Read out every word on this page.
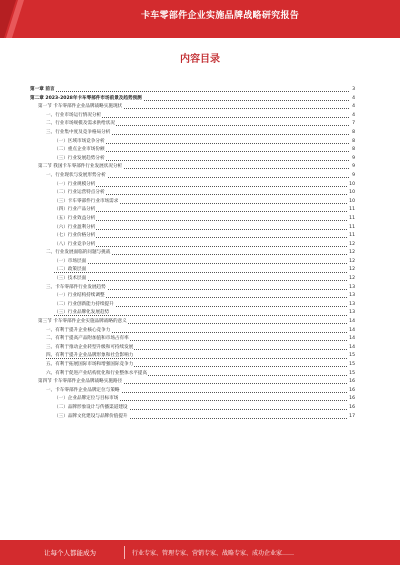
卡车零部件企业实施品牌战略研究报告
内容目录
第一章 前言	3
第二章 2023-2028年卡车零部件市场前景及趋势预测	4
第一节 卡车零部件企业品牌战略实施现状	4
一、行业市场运行情况分析	4
二、行业市场规模及需求供给状况	7
三、行业集中度及竞争格局分析	8
（一）区域市场竞争分析	8
（二）重点企业市场份额	8
（三）行业发展趋势分析	9
第二节 我国卡车零部件行业发展状况分析	9
一、行业现状与发展形势分析	9
（一）行业规模分析	10
（二）行业运营特点分析	10
（三）卡车零部件行业市场需求	10
（四）行业产品分析	11
（五）行业效益分析	11
（六）行业盈利分析	11
（七）行业价格分析	11
（八）行业竞争分析	12
二、行业发展面临的问题与挑战	12
（一）市场层面	12
（二）政策层面	12
（三）技术层面	12
三、卡车零部件行业发展趋势	13
（一）行业结构持续调整	13
（二）行业创新能力持续提升	13
（三）行业品牌化发展趋势	13
第三节 卡车零部件企业实施品牌战略的意义	14
一、有利于提升企业核心竞争力	14
二、有利于提高产品附加值和市场占有率	14
三、有利于推动企业转型升级和可持续发展	14
四、有利于提升企业品牌形象和社会影响力	15
五、有利于拓展国际市场和增强国际竞争力	15
六、有利于促进产业结构优化和行业整体水平提高	15
第四节 卡车零部件企业品牌战略实施路径	16
一、卡车零部件企业品牌定位与策略	16
（一）企业品牌定位与目标市场	16
（二）品牌形象设计与传播渠道建设	16
（三）品牌文化建设与品牌价值提升	17
让每个人都能成为	行业专家、管理专家、营销专家、战略专家、成功企业家……
